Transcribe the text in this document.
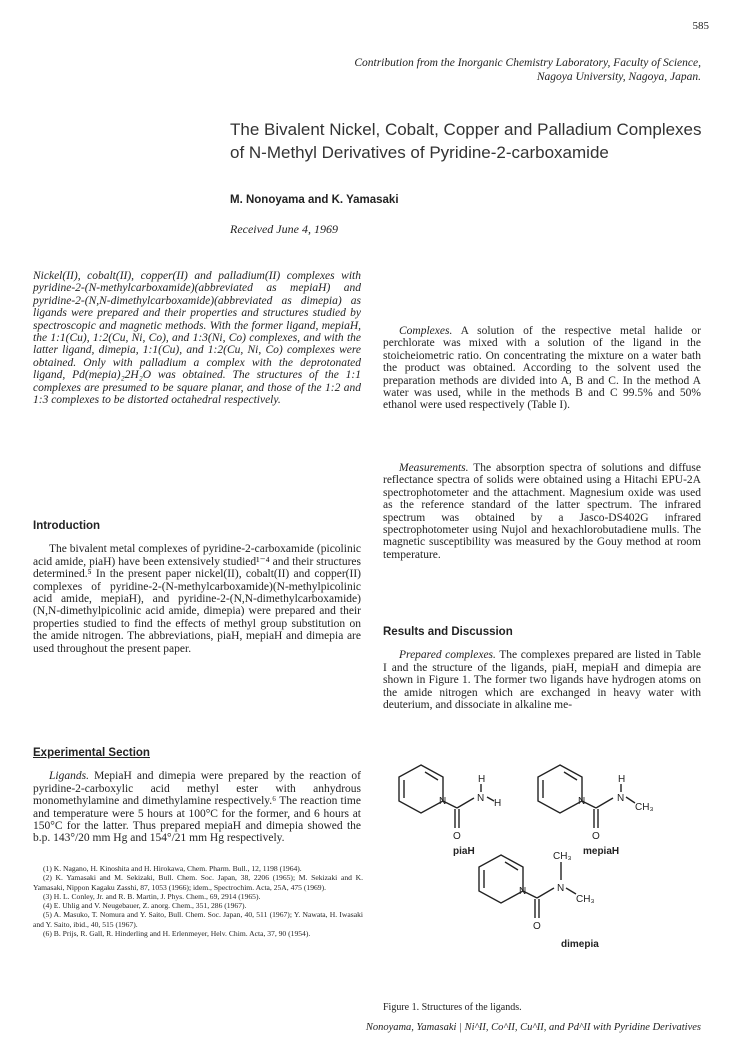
585
Contribution from the Inorganic Chemistry Laboratory, Faculty of Science, Nagoya University, Nagoya, Japan.
The Bivalent Nickel, Cobalt, Copper and Palladium Complexes of N-Methyl Derivatives of Pyridine-2-carboxamide
M. Nonoyama and K. Yamasaki
Received June 4, 1969
Nickel(II), cobalt(II), copper(II) and palladium(II) complexes with pyridine-2-(N-methylcarboxamide)(abbreviated as mepiaH) and pyridine-2-(N,N-dimethylcarboxamide)(abbreviated as dimepia) as ligands were prepared and their properties and structures studied by spectroscopic and magnetic methods. With the former ligand, mepiaH, the 1:1(Cu), 1:2(Cu, Ni, Co), and 1:3(Ni, Co) complexes, and with the latter ligand, dimepia, 1:1(Cu), and 1:2(Cu, Ni, Co) complexes were obtained. Only with palladium a complex with the deprotonated ligand, Pd(mepia)₂2H₂O was obtained. The structures of the 1:1 complexes are presumed to be square planar, and those of the 1:2 and 1:3 complexes to be distorted octahedral respectively.
Introduction

The bivalent metal complexes of pyridine-2-carboxamide (picolinic acid amide, piaH) have been extensively studied¹⁻⁴ and their structures determined.⁵ In the present paper nickel(II), cobalt(II) and copper(II) complexes of pyridine-2-(N-methylcarboxamide)(N-methylpicolinic acid amide, mepiaH), and pyridine-2-(N,N-dimethylcarboxamide)(N,N-dimethylpicolinic acid amide, dimepia) were prepared and their properties studied to find the effects of methyl group substitution on the amide nitrogen. The abbreviations, piaH, mepiaH and dimepia are used throughout the present paper.

Experimental Section

Ligands. MepiaH and dimepia were prepared by the reaction of pyridine-2-carboxylic acid methyl ester with anhydrous monomethylamine and dimethylamine respectively.⁶ The reaction time and temperature were 5 hours at 100°C for the former, and 6 hours at 150°C for the latter. Thus prepared mepiaH and dimepia showed the b.p. 143°/20 mm Hg and 154°/21 mm Hg respectively.

(1) K. Nagano, H. Kinoshita and H. Hirokawa, Chem. Pharm. Bull., 12, 1198 (1964).
(2) K. Yamasaki and M. Sekizaki, Bull. Chem. Soc. Japan, 38, 2206 (1965); M. Sekizaki and K. Yamasaki, Nippon Kagaku Zasshi, 87, 1053 (1966); idem., Spectrochim. Acta, 25A, 475 (1969).
(3) H. L. Conley, Jr. and R. B. Martin, J. Phys. Chem., 69, 2914 (1965).
(4) E. Uhlig and V. Neugebauer, Z. anorg. Chem., 351, 286 (1967).
(5) A. Masuko, T. Nomura and Y. Saito, Bull. Chem. Soc. Japan, 40, 511 (1967); Y. Nawata, H. Iwasaki and Y. Saito, ibid., 40, 515 (1967).
(6) B. Prijs, R. Gall, R. Hinderling and H. Erlenmeyer, Helv. Chim. Acta, 37, 90 (1954).

Complexes. A solution of the respective metal halide or perchlorate was mixed with a solution of the ligand in the stoicheiometric ratio. On concentrating the mixture on a water bath the product was obtained. According to the solvent used the preparation methods are divided into A, B and C. In the method A water was used, while in the methods B and C 99.5% and 50% ethanol were used respectively (Table I).

Measurements. The absorption spectra of solutions and diffuse reflectance spectra of solids were obtained using a Hitachi EPU-2A spectrophotometer and the attachment. Magnesium oxide was used as the reference standard of the latter spectrum. The infrared spectrum was obtained by a Jasco-DS402G infrared spectrophotometer using Nujol and hexachlorobutadiene mulls. The magnetic susceptibility was measured by the Gouy method at room temperature.

Results and Discussion

Prepared complexes. The complexes prepared are listed in Table I and the structure of the ligands, piaH, mepiaH and dimepia are shown in Figure 1. The former two ligands have hydrogen atoms on the amide nitrogen which are exchanged in heavy water with deuterium, and dissociate in alkaline me-

N
H
N H
O
piaH
N
H
N
CH₃
O
mepiaH
N
CH₃
N
CH₃
O
dimepia
Figure 1. Structures of the ligands.
Nonoyama, Yamasaki | Ni^II, Co^II, Cu^II, and Pd^II with Pyridine Derivatives
